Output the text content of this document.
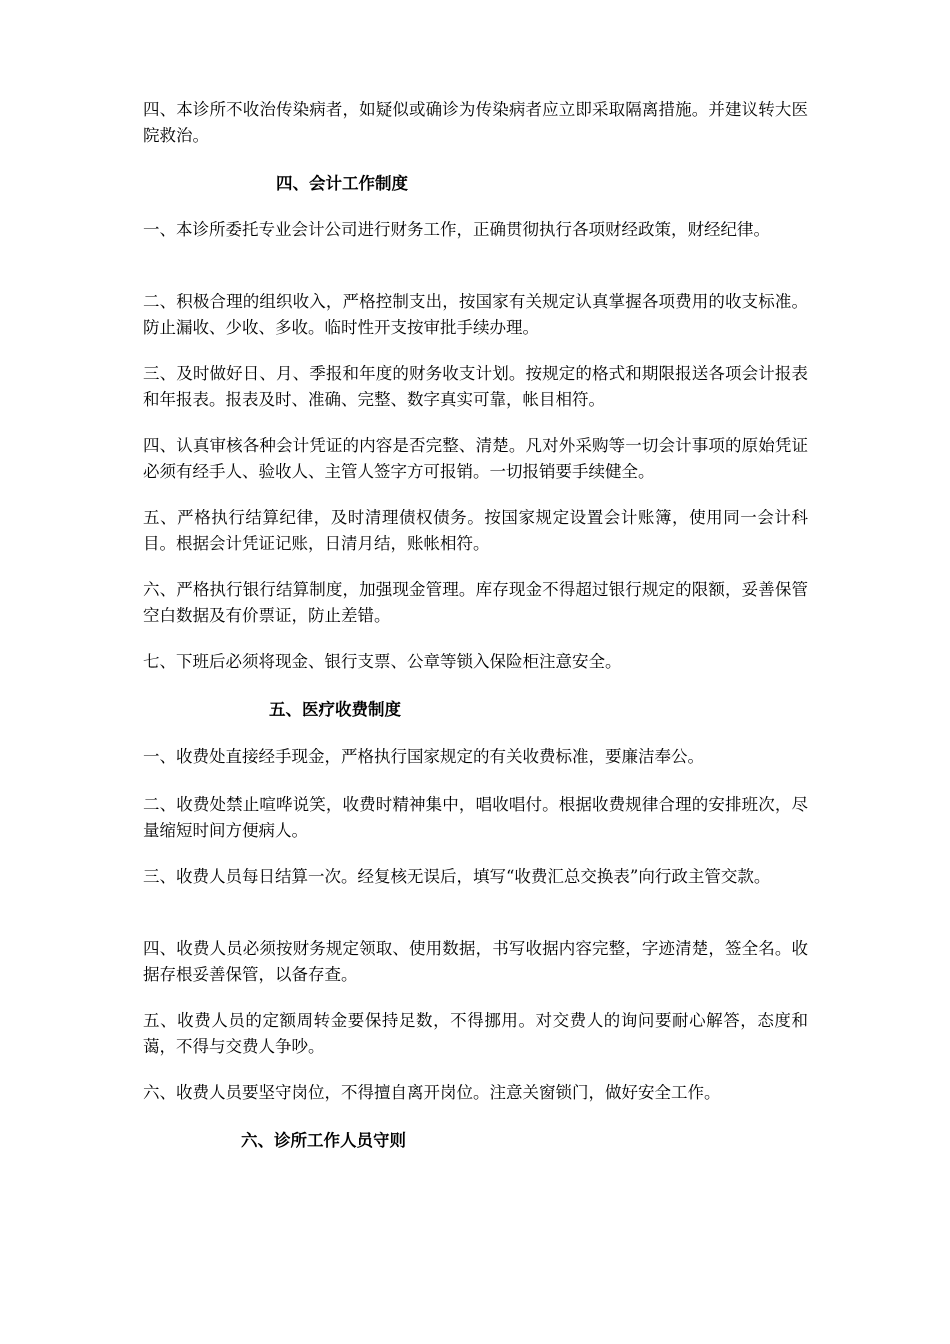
四、本诊所不收治传染病者，如疑似或确诊为传染病者应立即采取隔离措施。并建议转大医院救治。

四、会计工作制度

一、本诊所委托专业会计公司进行财务工作，正确贯彻执行各项财经政策，财经纪律。

二、积极合理的组织收入，严格控制支出，按国家有关规定认真掌握各项费用的收支标准。防止漏收、少收、多收。临时性开支按审批手续办理。

三、及时做好日、月、季报和年度的财务收支计划。按规定的格式和期限报送各项会计报表和年报表。报表及时、准确、完整、数字真实可靠，帐目相符。

四、认真审核各种会计凭证的内容是否完整、清楚。凡对外采购等一切会计事项的原始凭证必须有经手人、验收人、主管人签字方可报销。一切报销要手续健全。

五、严格执行结算纪律，及时清理债权债务。按国家规定设置会计账簿，使用同一会计科目。根据会计凭证记账，日清月结，账帐相符。

六、严格执行银行结算制度，加强现金管理。库存现金不得超过银行规定的限额，妥善保管空白数据及有价票证，防止差错。

七、下班后必须将现金、银行支票、公章等锁入保险柜注意安全。

五、医疗收费制度

一、收费处直接经手现金，严格执行国家规定的有关收费标准，要廉洁奉公。

二、收费处禁止喧哗说笑，收费时精神集中，唱收唱付。根据收费规律合理的安排班次，尽量缩短时间方便病人。

三、收费人员每日结算一次。经复核无误后，填写“收费汇总交换表”向行政主管交款。

四、收费人员必须按财务规定领取、使用数据，书写收据内容完整，字迹清楚，签全名。收据存根妥善保管，以备存查。

五、收费人员的定额周转金要保持足数，不得挪用。对交费人的询问要耐心解答，态度和蔼，不得与交费人争吵。

六、收费人员要坚守岗位，不得擅自离开岗位。注意关窗锁门，做好安全工作。

六、诊所工作人员守则
